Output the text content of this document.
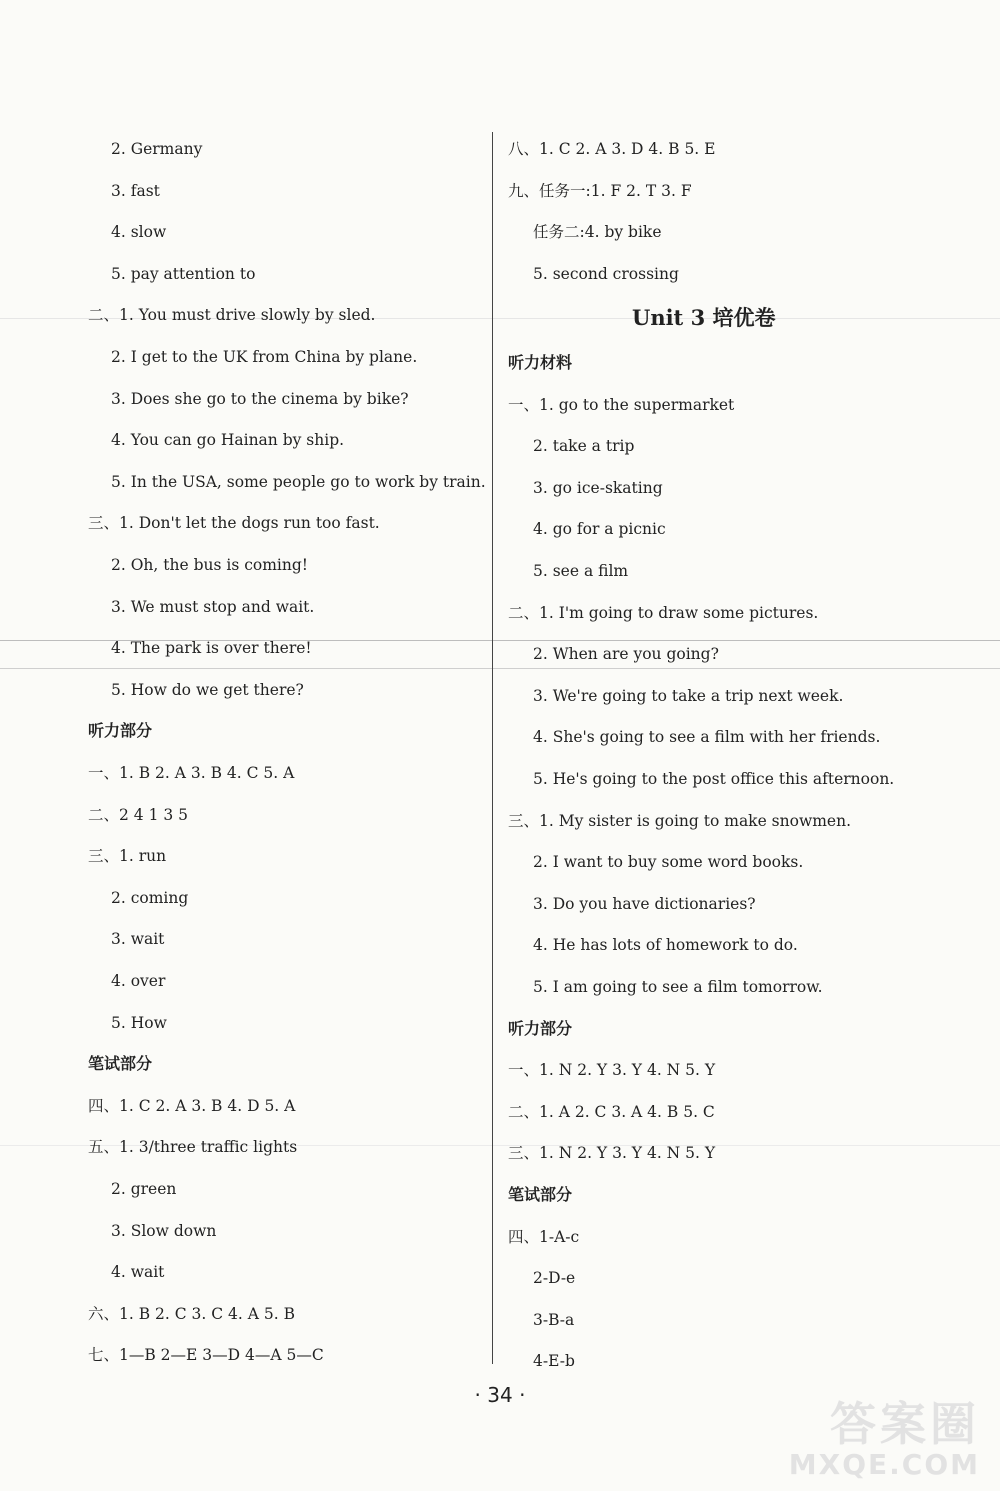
2. Germany
3. fast
4. slow
5. pay attention to
二、1. You must drive slowly by sled.
2. I get to the UK from China by plane.
3. Does she go to the cinema by bike?
4. You can go Hainan by ship.
5. In the USA, some people go to work by train.
三、1. Don't let the dogs run too fast.
2. Oh, the bus is coming!
3. We must stop and wait.
4. The park is over there!
5. How do we get there?
听力部分
一、1. B 2. A 3. B 4. C 5. A
二、2 4 1 3 5
三、1. run
2. coming
3. wait
4. over
5. How
笔试部分
四、1. C 2. A 3. B 4. D 5. A
五、1. 3/three traffic lights
2. green
3. Slow down
4. wait
六、1. B 2. C 3. C 4. A 5. B
七、1—B 2—E 3—D 4—A 5—C
八、1. C 2. A 3. D 4. B 5. E
九、任务一:1. F 2. T 3. F
任务二:4. by bike
5. second crossing
听力材料
一、1. go to the supermarket
2. take a trip
3. go ice-skating
4. go for a picnic
5. see a film
二、1. I'm going to draw some pictures.
2. When are you going?
3. We're going to take a trip next week.
4. She's going to see a film with her friends.
5. He's going to the post office this afternoon.
三、1. My sister is going to make snowmen.
2. I want to buy some word books.
3. Do you have dictionaries?
4. He has lots of homework to do.
5. I am going to see a film tomorrow.
听力部分
一、1. N 2. Y 3. Y 4. N 5. Y
二、1. A 2. C 3. A 4. B 5. C
三、1. N 2. Y 3. Y 4. N 5. Y
笔试部分
四、1-A-c
2-D-e
3-B-a
4-E-b
Unit 3 培优卷
· 34 ·
答案圈
MXQE.COM
